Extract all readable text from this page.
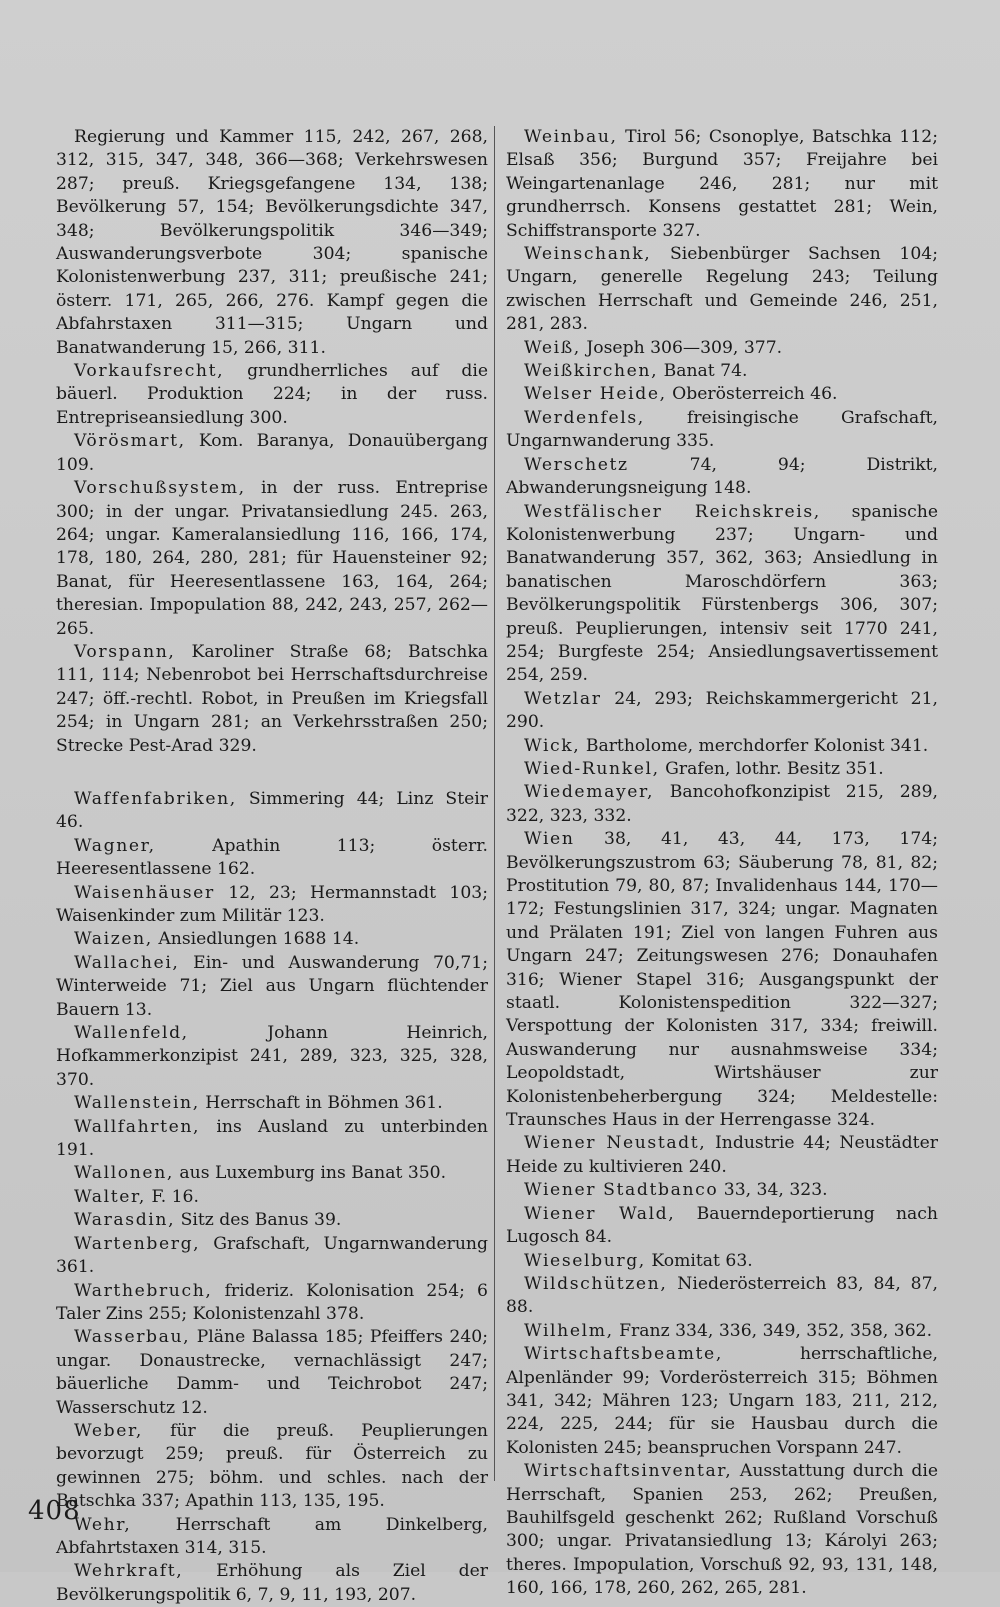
Regierung und Kammer 115, 242, 267, 268, 312, 315, 347, 348, 366—368; Verkehrswesen 287; preuß. Kriegsgefangene 134, 138; Bevölkerung 57, 154; Bevölkerungsdichte 347, 348; Bevölkerungspolitik 346—349; Auswanderungsverbote 304; spanische Kolonistenwerbung 237, 311; preußische 241; österr. 171, 265, 266, 276. Kampf gegen die Abfahrstaxen 311—315; Ungarn und Banatwanderung 15, 266, 311.

Vorkaufsrecht, grundherrliches auf die bäuerl. Produktion 224; in der russ. Entrepriseansiedlung 300.

Vörösmart, Kom. Baranya, Donauübergang 109.

Vorschußsystem, in der russ. Entreprise 300; in der ungar. Privatansiedlung 245. 263, 264; ungar. Kameralansiedlung 116, 166, 174, 178, 180, 264, 280, 281; für Hauensteiner 92; Banat, für Heeresentlassene 163, 164, 264; theresian. Impopulation 88, 242, 243, 257, 262—265.

Vorspann, Karoliner Straße 68; Batschka 111, 114; Nebenrobot bei Herrschaftsdurchreise 247; öff.-rechtl. Robot, in Preußen im Kriegsfall 254; in Ungarn 281; an Verkehrsstraßen 250; Strecke Pest-Arad 329.

Waffenfabriken, Simmering 44; Linz Steir 46.

Wagner, Apathin 113; österr. Heeresentlassene 162.

Waisenhäuser 12, 23; Hermannstadt 103; Waisenkinder zum Militär 123.

Waizen, Ansiedlungen 1688 14.

Wallachei, Ein- und Auswanderung 70,71; Winterweide 71; Ziel aus Ungarn flüchtender Bauern 13.

Wallenfeld, Johann Heinrich, Hofkammerkonzipist 241, 289, 323, 325, 328, 370.

Wallenstein, Herrschaft in Böhmen 361.

Wallfahrten, ins Ausland zu unterbinden 191.

Wallonen, aus Luxemburg ins Banat 350.

Walter, F. 16.

Warasdin, Sitz des Banus 39.

Wartenberg, Grafschaft, Ungarnwanderung 361.

Warthebruch, frideriz. Kolonisation 254; 6 Taler Zins 255; Kolonistenzahl 378.

Wasserbau, Pläne Balassa 185; Pfeiffers 240; ungar. Donaustrecke, vernachlässigt 247; bäuerliche Damm- und Teichrobot 247; Wasserschutz 12.

Weber, für die preuß. Peuplierungen bevorzugt 259; preuß. für Österreich zu gewinnen 275; böhm. und schles. nach der Batschka 337; Apathin 113, 135, 195.

Wehr, Herrschaft am Dinkelberg, Abfahrtstaxen 314, 315.

Wehrkraft, Erhöhung als Ziel der Bevölkerungspolitik 6, 7, 9, 11, 193, 207.

Weinbau, Tirol 56; Csonoplye, Batschka 112; Elsaß 356; Burgund 357; Freijahre bei Weingartenanlage 246, 281; nur mit grundherrsch. Konsens gestattet 281; Wein, Schiffstransporte 327.

Weinschank, Siebenbürger Sachsen 104; Ungarn, generelle Regelung 243; Teilung zwischen Herrschaft und Gemeinde 246, 251, 281, 283.

Weiß, Joseph 306—309, 377.

Weißkirchen, Banat 74.

Welser Heide, Oberösterreich 46.

Werdenfels, freisingische Grafschaft, Ungarnwanderung 335.

Werschetz 74, 94; Distrikt, Abwanderungsneigung 148.

Westfälischer Reichskreis, spanische Kolonistenwerbung 237; Ungarn- und Banatwanderung 357, 362, 363; Ansiedlung in banatischen Maroschdörfern 363; Bevölkerungspolitik Fürstenbergs 306, 307; preuß. Peuplierungen, intensiv seit 1770 241, 254; Burgfeste 254; Ansiedlungsavertissement 254, 259.

Wetzlar 24, 293; Reichskammergericht 21, 290.

Wick, Bartholome, merchdorfer Kolonist 341.

Wied-Runkel, Grafen, lothr. Besitz 351.

Wiedemayer, Bancohofkonzipist 215, 289, 322, 323, 332.

Wien 38, 41, 43, 44, 173, 174; Bevölkerungszustrom 63; Säuberung 78, 81, 82; Prostitution 79, 80, 87; Invalidenhaus 144, 170—172; Festungslinien 317, 324; ungar. Magnaten und Prälaten 191; Ziel von langen Fuhren aus Ungarn 247; Zeitungswesen 276; Donauhafen 316; Wiener Stapel 316; Ausgangspunkt der staatl. Kolonistenspedition 322—327; Verspottung der Kolonisten 317, 334; freiwill. Auswanderung nur ausnahmsweise 334; Leopoldstadt, Wirtshäuser zur Kolonistenbeherbergung 324; Meldestelle: Traunsches Haus in der Herrengasse 324.

Wiener Neustadt, Industrie 44; Neustädter Heide zu kultivieren 240.

Wiener Stadtbanco 33, 34, 323.

Wiener Wald, Bauerndeportierung nach Lugosch 84.

Wieselburg, Komitat 63.

Wildschützen, Niederösterreich 83, 84, 87, 88.

Wilhelm, Franz 334, 336, 349, 352, 358, 362.

Wirtschaftsbeamte, herrschaftliche, Alpenländer 99; Vorderösterreich 315; Böhmen 341, 342; Mähren 123; Ungarn 183, 211, 212, 224, 225, 244; für sie Hausbau durch die Kolonisten 245; beanspruchen Vorspann 247.

Wirtschaftsinventar, Ausstattung durch die Herrschaft, Spanien 253, 262; Preußen, Bauhilfsgeld geschenkt 262; Rußland Vorschuß 300; ungar. Privatansiedlung 13; Károlyi 263; theres. Impopulation, Vorschuß 92, 93, 131, 148, 160, 166, 178, 260, 262, 265, 281.

408
